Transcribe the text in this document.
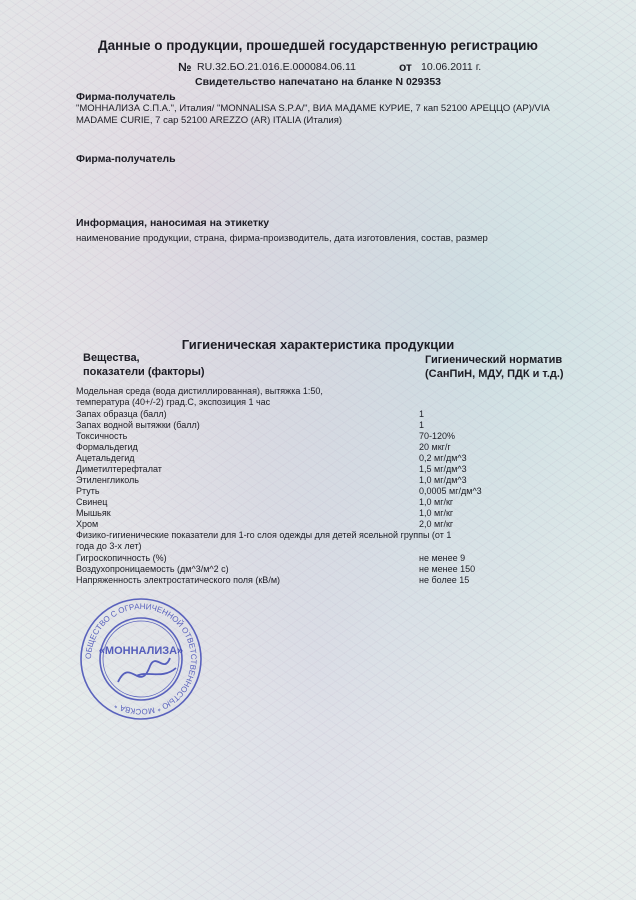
Данные о продукции, прошедшей государственную регистрацию
№ RU.32.БО.21.016.Е.000084.06.11	от 10.06.2011 г.
Свидетельство напечатано на бланке N 029353
Фирма-получатель
"МОННАЛИЗА С.П.А.", Италия/ "MONNALISA S.P.A/", ВИА МАДАМЕ КУРИЕ, 7 кап 52100 АРЕЦЦО (АР)/VIA MADAME CURIE, 7 cap 52100 AREZZO (AR) ITALIA (Италия)
Фирма-получатель
Информация, наносимая на этикетку
наименование продукции, страна, фирма-производитель, дата изготовления, состав, размер
Гигиеническая характеристика продукции
Вещества,
показатели (факторы)
Гигиенический норматив
(СанПиН, МДУ, ПДК и т.д.)
Модельная среда (вода дистиллированная), вытяжка 1:50,
температура (40+/-2) град.С, экспозиция 1 час
Запах образца (балл)	1
Запах водной вытяжки (балл)	1
Токсичность	70-120%
Формальдегид	20 мкг/г
Ацетальдегид	0,2 мг/дм^3
Диметилтерефталат	1,5 мг/дм^3
Этиленгликоль	1,0 мг/дм^3
Ртуть	0,0005 мг/дм^3
Свинец	1,0 мг/кг
Мышьяк	1,0 мг/кг
Хром	2,0 мг/кг
Физико-гигиенические показатели для 1-го слоя одежды для детей ясельной группы (от 1 года до 3-х лет)
Гигроскопичность (%)	не менее 9
Воздухопроницаемость (дм^3/м^2 с)	не менее 150
Напряженность электростатического поля (кВ/м)	не более 15
ОБЩЕСТВО С ОГРАНИЧЕННОЙ ОТВЕТСТВЕННОСТЬЮ * МОСКВА *
«МОННАЛИЗА»
